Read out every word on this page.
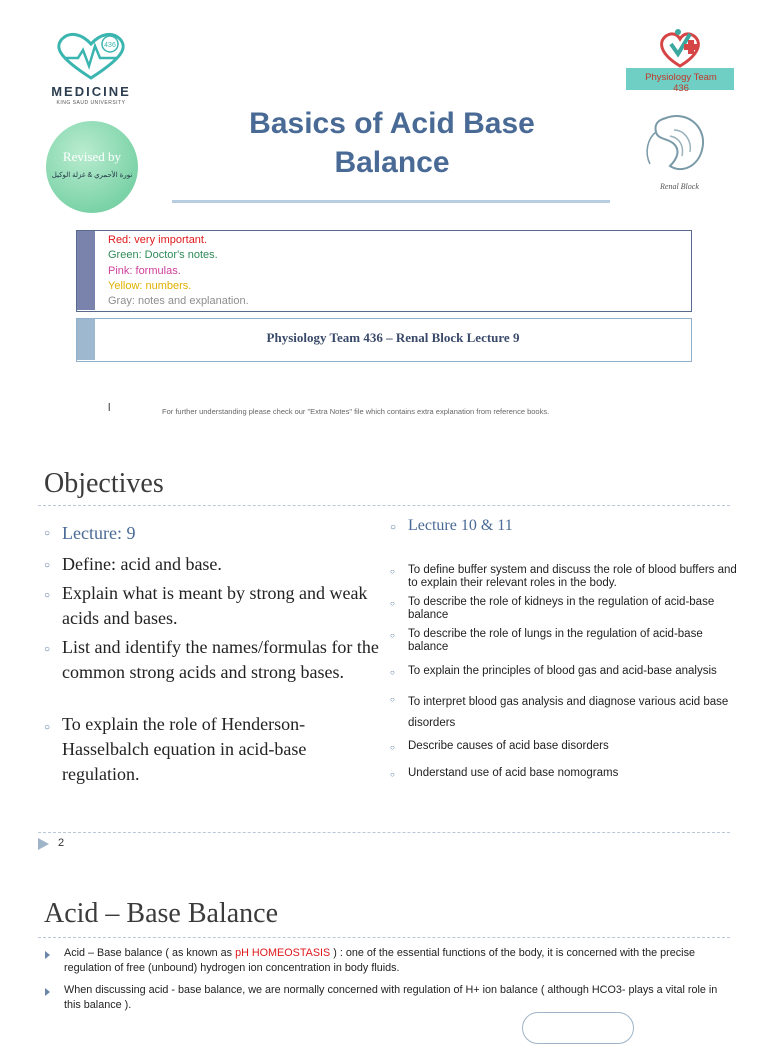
436
MEDICINE
KING SAUD UNIVERSITY
Revised by
نورة الأحمري & غزلة الوكيل
Physiology Team 436
Renal Block
Basics of Acid Base
Balance
Red: very important.
Green: Doctor's notes.
Pink: formulas.
Yellow: numbers.
Gray: notes and explanation.
Physiology Team 436 – Renal Block Lecture 9
l	For further understanding please check our "Extra Notes" file which contains extra explanation from reference books.
Objectives
○ Lecture: 9
○ Define: acid and base.
○ Explain what is meant by strong and weak acids and bases.
○ List and identify the names/formulas for the common strong acids and strong bases.
○ To explain the role of Henderson-Hasselbalch equation in acid-base regulation.
○ Lecture 10 & 11
○ To define buffer system and discuss the role of blood buffers and to explain their relevant roles in the body.
○ To describe the role of kidneys in the regulation of acid-base balance
○ To describe the role of lungs in the regulation of acid-base balance
○ To explain the principles of blood gas and acid-base analysis
○ To interpret blood gas analysis and diagnose various acid base disorders
○ Describe causes of acid base disorders
○ Understand use of acid base nomograms
2
Acid – Base Balance
Acid – Base balance ( as known as pH HOMEOSTASIS ) : one of the essential functions of the body, it is concerned with the precise regulation of free (unbound) hydrogen ion concentration in body fluids.
When discussing acid - base balance, we are normally concerned with regulation of H+ ion balance ( although HCO3- plays a vital role in this balance ).
